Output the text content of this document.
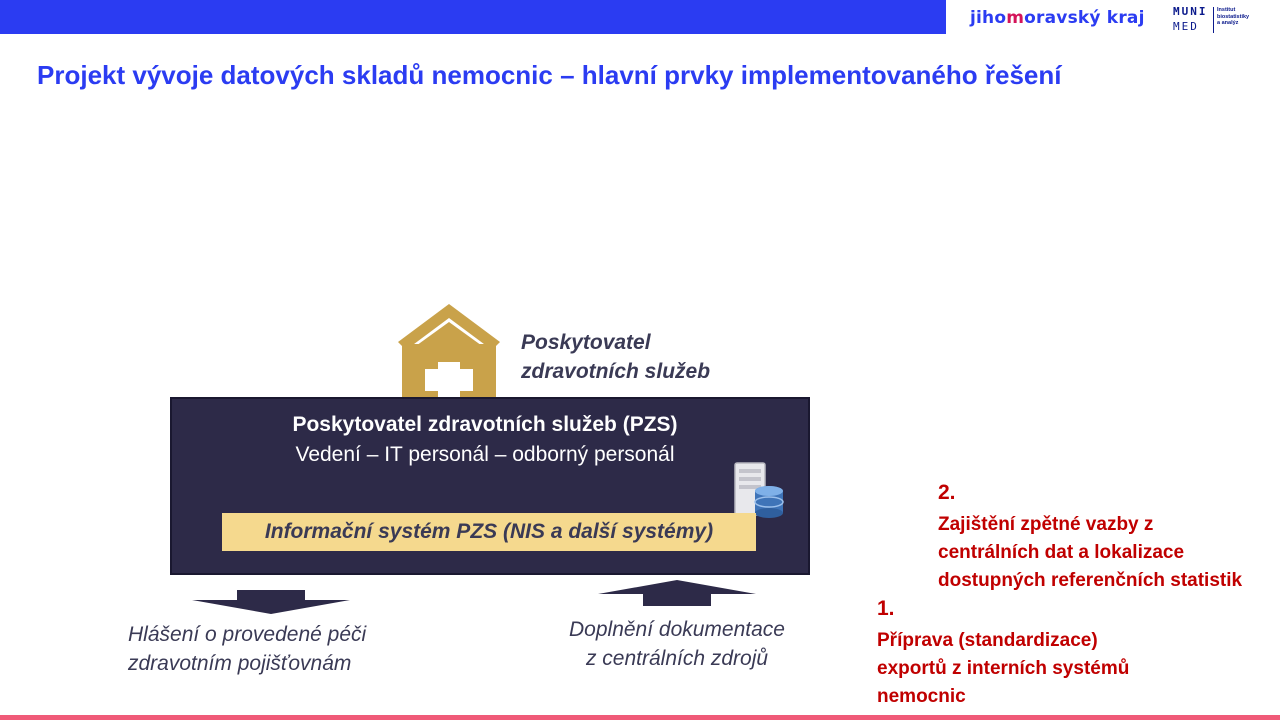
jihomoravský kraj	MUNI
MED
Institut
biostatistiky
a analýz
Projekt vývoje datových skladů nemocnic – hlavní prvky implementovaného řešení
Poskytovatel
zdravotních služeb
Poskytovatel zdravotních služeb (PZS)
Vedení – IT personál – odborný personál
Informační systém PZS (NIS a další systémy)
Hlášení o provedené péči
zdravotním pojišťovnám
Doplnění dokumentace
z centrálních zdrojů
2.
Zajištění zpětné vazby z
centrálních dat a lokalizace
dostupných referenčních statistik
1.
Příprava (standardizace)
exportů z interních systémů
nemocnic
